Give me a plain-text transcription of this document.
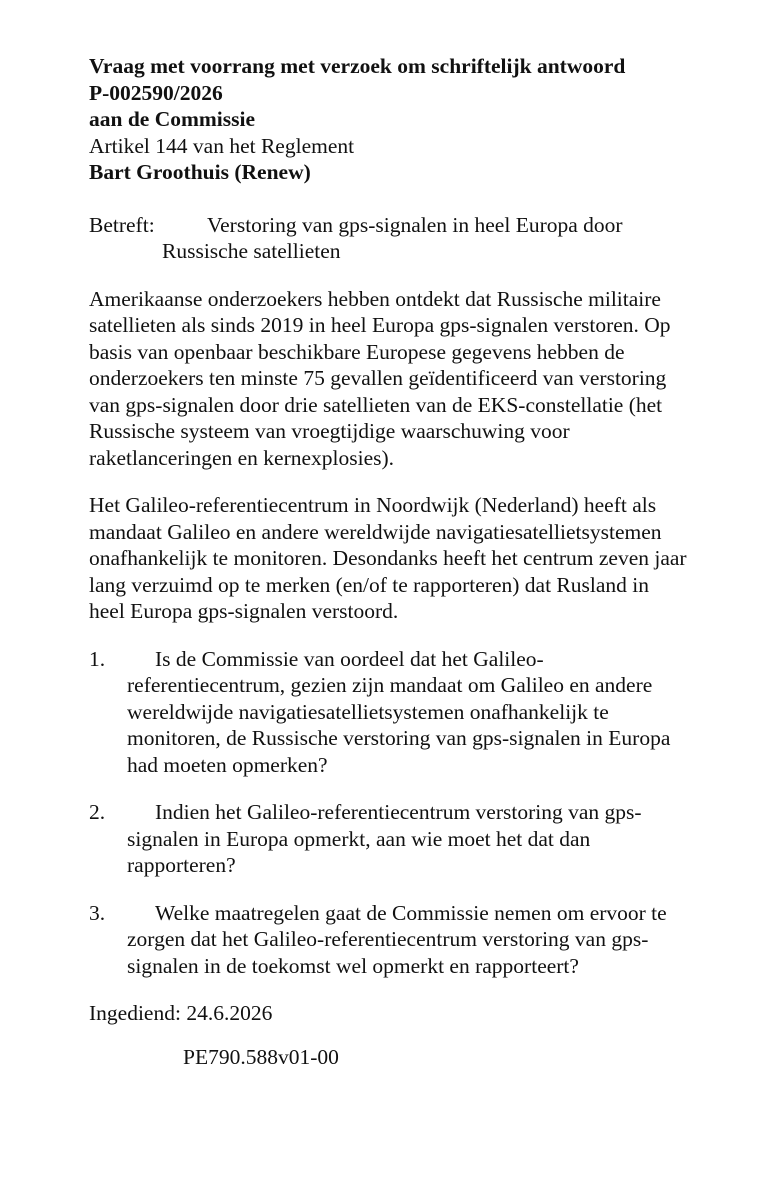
Vraag met voorrang met verzoek om schriftelijk antwoord
P-002590/2026
aan de Commissie
Artikel 144 van het Reglement
Bart Groothuis (Renew)
Betreft:	Verstoring van gps-signalen in heel Europa door Russische satellieten

Amerikaanse onderzoekers hebben ontdekt dat Russische militaire satellieten als sinds 2019 in heel Europa gps-signalen verstoren. Op basis van openbaar beschikbare Europese gegevens hebben de onderzoekers ten minste 75 gevallen geïdentificeerd van verstoring van gps-signalen door drie satellieten van de EKS-constellatie (het Russische systeem van vroegtijdige waarschuwing voor raketlanceringen en kernexplosies).

Het Galileo-referentiecentrum in Noordwijk (Nederland) heeft als mandaat Galileo en andere wereldwijde navigatiesatellietsystemen onafhankelijk te monitoren. Desondanks heeft het centrum zeven jaar lang verzuimd op te merken (en/of te rapporteren) dat Rusland in heel Europa gps-signalen verstoord.

1.	Is de Commissie van oordeel dat het Galileo-referentiecentrum, gezien zijn mandaat om Galileo en andere wereldwijde navigatiesatellietsystemen onafhankelijk te monitoren, de Russische verstoring van gps-signalen in Europa had moeten opmerken?
2.	Indien het Galileo-referentiecentrum verstoring van gps-signalen in Europa opmerkt, aan wie moet het dat dan rapporteren?
3.	Welke maatregelen gaat de Commissie nemen om ervoor te zorgen dat het Galileo-referentiecentrum verstoring van gps-signalen in de toekomst wel opmerkt en rapporteert?
Ingediend: 24.6.2026
PE790.588v01-00
